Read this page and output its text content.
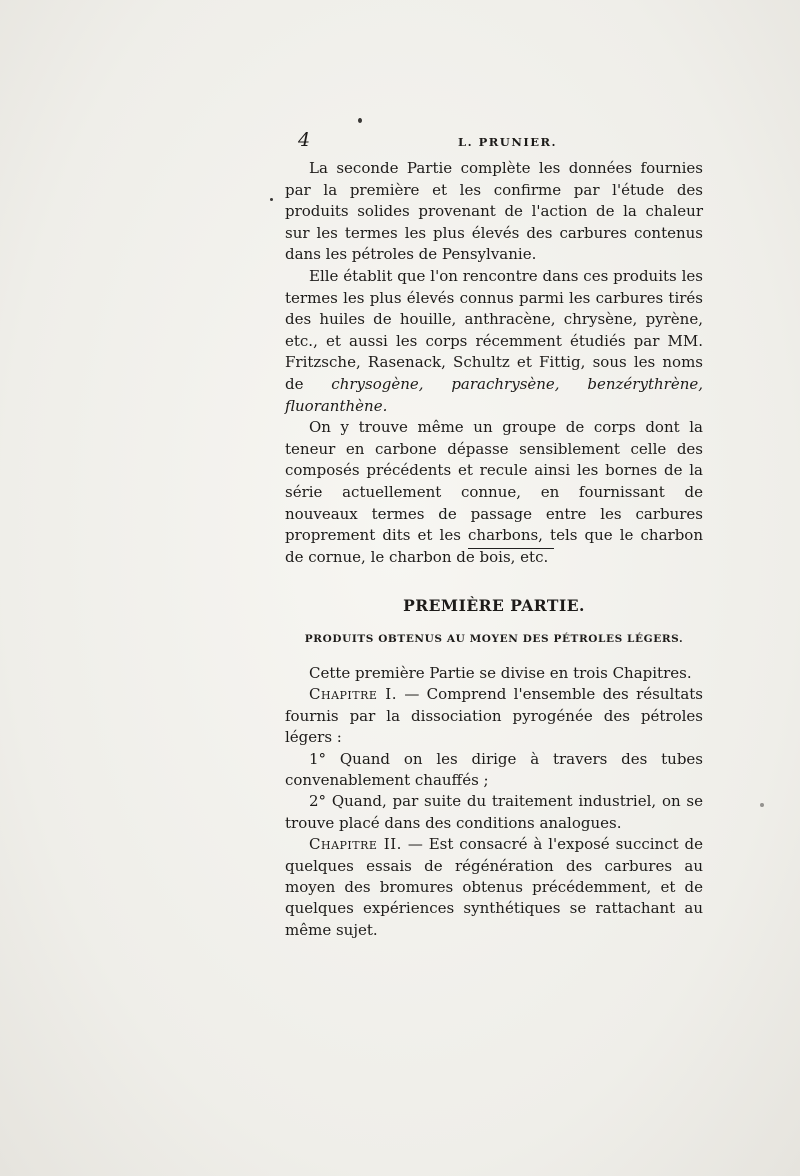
4	L. PRUNIER.

La seconde Partie complète les données fournies par la première et les confirme par l'étude des produits solides provenant de l'action de la chaleur sur les termes les plus élevés des carbures contenus dans les pétroles de Pensylvanie.

Elle établit que l'on rencontre dans ces produits les termes les plus élevés connus parmi les carbures tirés des huiles de houille, anthracène, chrysène, pyrène, etc., et aussi les corps récemment étudiés par MM. Fritzsche, Rasenack, Schultz et Fittig, sous les noms de chrysogène, parachrysène, benzérythrène, fluoranthène.

On y trouve même un groupe de corps dont la teneur en carbone dépasse sensiblement celle des composés précédents et recule ainsi les bornes de la série actuellement connue, en fournissant de nouveaux termes de passage entre les carbures proprement dits et les charbons, tels que le charbon de cornue, le charbon de bois, etc.

PREMIÈRE PARTIE.
PRODUITS OBTENUS AU MOYEN DES PÉTROLES LÉGERS.

Cette première Partie se divise en trois Chapitres.

Chapitre I. — Comprend l'ensemble des résultats fournis par la dissociation pyrogénée des pétroles légers :

1° Quand on les dirige à travers des tubes convenablement chauffés ;

2° Quand, par suite du traitement industriel, on se trouve placé dans des conditions analogues.

Chapitre II. — Est consacré à l'exposé succinct de quelques essais de régénération des carbures au moyen des bromures obtenus précédemment, et de quelques expériences synthétiques se rattachant au même sujet.
